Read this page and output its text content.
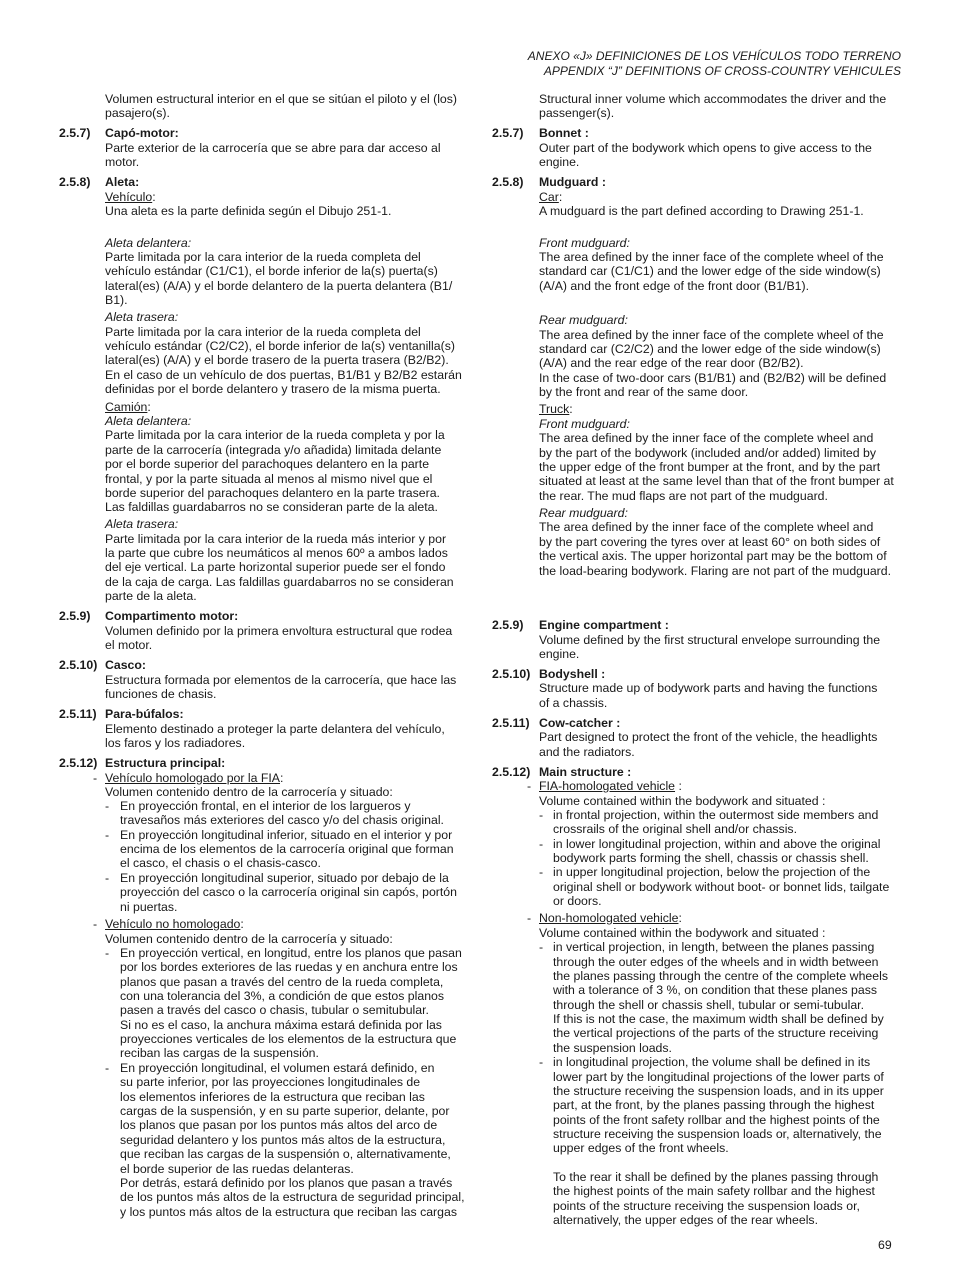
ANEXO «J» DEFINICIONES DE LOS VEHÍCULOS TODO TERRENO
APPENDIX “J” DEFINITIONS OF CROSS-COUNTRY VEHICULES
Volumen estructural interior en el que se sitúan el piloto y el (los)
pasajero(s).
2.5.7) Capó-motor:
Parte exterior de la carrocería que se abre para dar acceso al
motor.
2.5.8) Aleta:
Vehículo:
Una aleta es la parte definida según el Dibujo 251-1.
Aleta delantera:
Parte limitada por la cara interior de la rueda completa del
vehículo estándar (C1/C1), el borde inferior de la(s) puerta(s)
lateral(es) (A/A) y el borde delantero de la puerta delantera (B1/
B1).
Aleta trasera:
Parte limitada por la cara interior de la rueda completa del
vehículo estándar (C2/C2), el borde inferior de la(s) ventanilla(s)
lateral(es) (A/A) y el borde trasero de la puerta trasera (B2/B2).
En el caso de un vehículo de dos puertas, B1/B1 y B2/B2 estarán
definidas por el borde delantero y trasero de la misma puerta.
Camión:
Aleta delantera:
Parte limitada por la cara interior de la rueda completa y por la
parte de la carrocería (integrada y/o añadida) limitada delante
por el borde superior del parachoques delantero en la parte
frontal, y por la parte situada al menos al mismo nivel que el
borde superior del parachoques delantero en la parte trasera.
Las faldillas guardabarros no se consideran parte de la aleta.
Aleta trasera:
Parte limitada por la cara interior de la rueda más interior y por
la parte que cubre los neumáticos al menos 60º a ambos lados
del eje vertical. La parte horizontal superior puede ser el fondo
de la caja de carga. Las faldillas guardabarros no se consideran
parte de la aleta.
2.5.9) Compartimento motor:
Volumen definido por la primera envoltura estructural que rodea
el motor.
2.5.10) Casco:
Estructura formada por elementos de la carrocería, que hace las
funciones de chasis.
2.5.11) Para-búfalos:
Elemento destinado a proteger la parte delantera del vehículo,
los faros y los radiadores.
2.5.12) Estructura principal:
- Vehículo homologado por la FIA:
Volumen contenido dentro de la carrocería y situado:
- En proyección frontal, en el interior de los largueros y
travesaños más exteriores del casco y/o del chasis original.
- En proyección longitudinal inferior, situado en el interior y por
encima de los elementos de la carrocería original que forman
el casco, el chasis o el chasis-casco.
- En proyección longitudinal superior, situado por debajo de la
proyección del casco o la carrocería original sin capós, portón
ni puertas.
- Vehículo no homologado:
Volumen contenido dentro de la carrocería y situado:
- En proyección vertical, en longitud, entre los planos que pasan
por los bordes exteriores de las ruedas y en anchura entre los
planos que pasan a través del centro de la rueda completa,
con una tolerancia del 3%, a condición de que estos planos
pasen a través del casco o chasis, tubular o semitubular.
Si no es el caso, la anchura máxima estará definida por las
proyecciones verticales de los elementos de la estructura que
reciban las cargas de la suspensión.
- En proyección longitudinal, el volumen estará definido, en
su parte inferior, por las proyecciones longitudinales de
los elementos inferiores de la estructura que reciban las
cargas de la suspensión, y en su parte superior, delante, por
los planos que pasan por los puntos más altos del arco de
seguridad delantero y los puntos más altos de la estructura,
que reciban las cargas de la suspensión o, alternativamente,
el borde superior de las ruedas delanteras.
Por detrás, estará definido por los planos que pasan a través
de los puntos más altos de la estructura de seguridad principal,
y los puntos más altos de la estructura que reciban las cargas
Structural inner volume which accommodates the driver and the
passenger(s).
2.5.7) Bonnet :
Outer part of the bodywork which opens to give access to the
engine.
2.5.8) Mudguard :
Car:
A mudguard is the part defined according to Drawing 251-1.
Front mudguard:
The area defined by the inner face of the complete wheel of the
standard car (C1/C1) and the lower edge of the side window(s)
(A/A) and the front edge of the front door (B1/B1).
Rear mudguard:
The area defined by the inner face of the complete wheel of the
standard car (C2/C2) and the lower edge of the side window(s)
(A/A) and the rear edge of the rear door (B2/B2).
In the case of two-door cars (B1/B1) and (B2/B2) will be defined
by the front and rear of the same door.
Truck:
Front mudguard:
The area defined by the inner face of the complete wheel and
by the part of the bodywork (included and/or added) limited by
the upper edge of the front bumper at the front, and by the part
situated at least at the same level than that of the front bumper at
the rear. The mud flaps are not part of the mudguard.
Rear mudguard:
The area defined by the inner face of the complete wheel and
by the part covering the tyres over at least 60° on both sides of
the vertical axis. The upper horizontal part may be the bottom of
the load-bearing bodywork. Flaring are not part of the mudguard.
2.5.9) Engine compartment :
Volume defined by the first structural envelope surrounding the
engine.
2.5.10) Bodyshell :
Structure made up of bodywork parts and having the functions
of a chassis.
2.5.11) Cow-catcher :
Part designed to protect the front of the vehicle, the headlights
and the radiators.
2.5.12) Main structure :
- FIA-homologated vehicle :
Volume contained within the bodywork and situated :
- in frontal projection, within the outermost side members and
crossrails of the original shell and/or chassis.
- in lower longitudinal projection, within and above the original
bodywork parts forming the shell, chassis or chassis shell.
- in upper longitudinal projection, below the projection of the
original shell or bodywork without boot- or bonnet lids, tailgate
or doors.
- Non-homologated vehicle:
Volume contained within the bodywork and situated :
- in vertical projection, in length, between the planes passing
through the outer edges of the wheels and in width between
the planes passing through the centre of the complete wheels
with a tolerance of 3 %, on condition that these planes pass
through the shell or chassis shell, tubular or semi-tubular.
If this is not the case, the maximum width shall be defined by
the vertical projections of the parts of the structure receiving
the suspension loads.
- in longitudinal projection, the volume shall be defined in its
lower part by the longitudinal projections of the lower parts of
the structure receiving the suspension loads, and in its upper
part, at the front, by the planes passing through the highest
points of the front safety rollbar and the highest points of the
structure receiving the suspension loads or, alternatively, the
upper edges of the front wheels.
To the rear it shall be defined by the planes passing through
the highest points of the main safety rollbar and the highest
points of the structure receiving the suspension loads or,
alternatively, the upper edges of the rear wheels.
69
